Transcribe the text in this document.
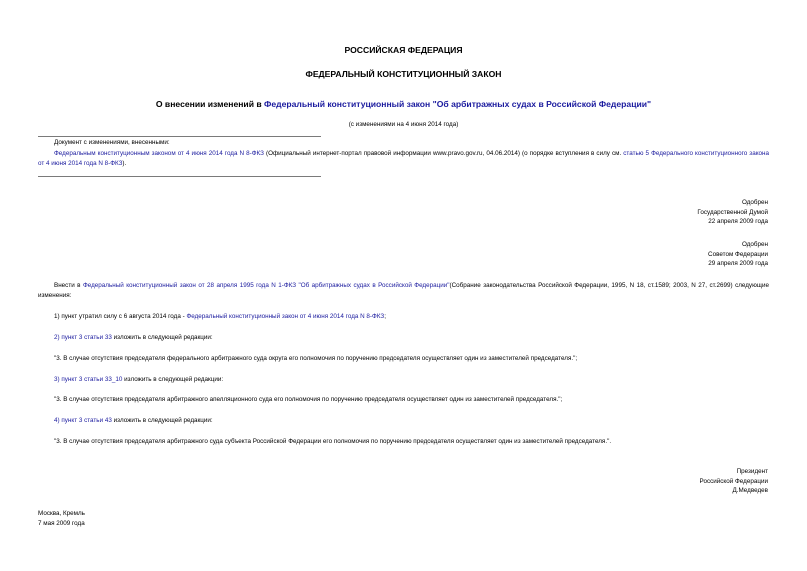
РОССИЙСКАЯ ФЕДЕРАЦИЯ
ФЕДЕРАЛЬНЫЙ КОНСТИТУЦИОННЫЙ ЗАКОН
О внесении изменений в Федеральный конституционный закон "Об арбитражных судах в Российской Федерации"
(с изменениями на 4 июня 2014 года)
Документ с изменениями, внесенными:
Федеральным конституционным законом от 4 июня 2014 года N 8-ФКЗ (Официальный интернет-портал правовой информации www.pravo.gov.ru, 04.06.2014) (о порядке вступления в силу см. статью 5 Федерального конституционного закона от 4 июня 2014 года N 8-ФКЗ).
Одобрен
Государственной Думой
22 апреля 2009 года
Одобрен
Советом Федерации
29 апреля 2009 года
Внести в Федеральный конституционный закон от 28 апреля 1995 года N 1-ФКЗ "Об арбитражных судах в Российской Федерации"(Собрание законодательства Российской Федерации, 1995, N 18, ст.1589; 2003, N 27, ст.2699) следующие изменения:
1) пункт утратил силу с 6 августа 2014 года - Федеральный конституционный закон от 4 июня 2014 года N 8-ФКЗ;
2) пункт 3 статьи 33 изложить в следующей редакции:
"3. В случае отсутствия председателя федерального арбитражного суда округа его полномочия по поручению председателя осуществляет один из заместителей председателя.";
3) пункт 3 статьи 33_10 изложить в следующей редакции:
"3. В случае отсутствия председателя арбитражного апелляционного суда его полномочия по поручению председателя осуществляет один из заместителей председателя.";
4) пункт 3 статьи 43 изложить в следующей редакции:
"3. В случае отсутствия председателя арбитражного суда субъекта Российской Федерации его полномочия по поручению председателя осуществляет один из заместителей председателя.".
Президент
Российской Федерации
Д.Медведев
Москва, Кремль
7 мая 2009 года
